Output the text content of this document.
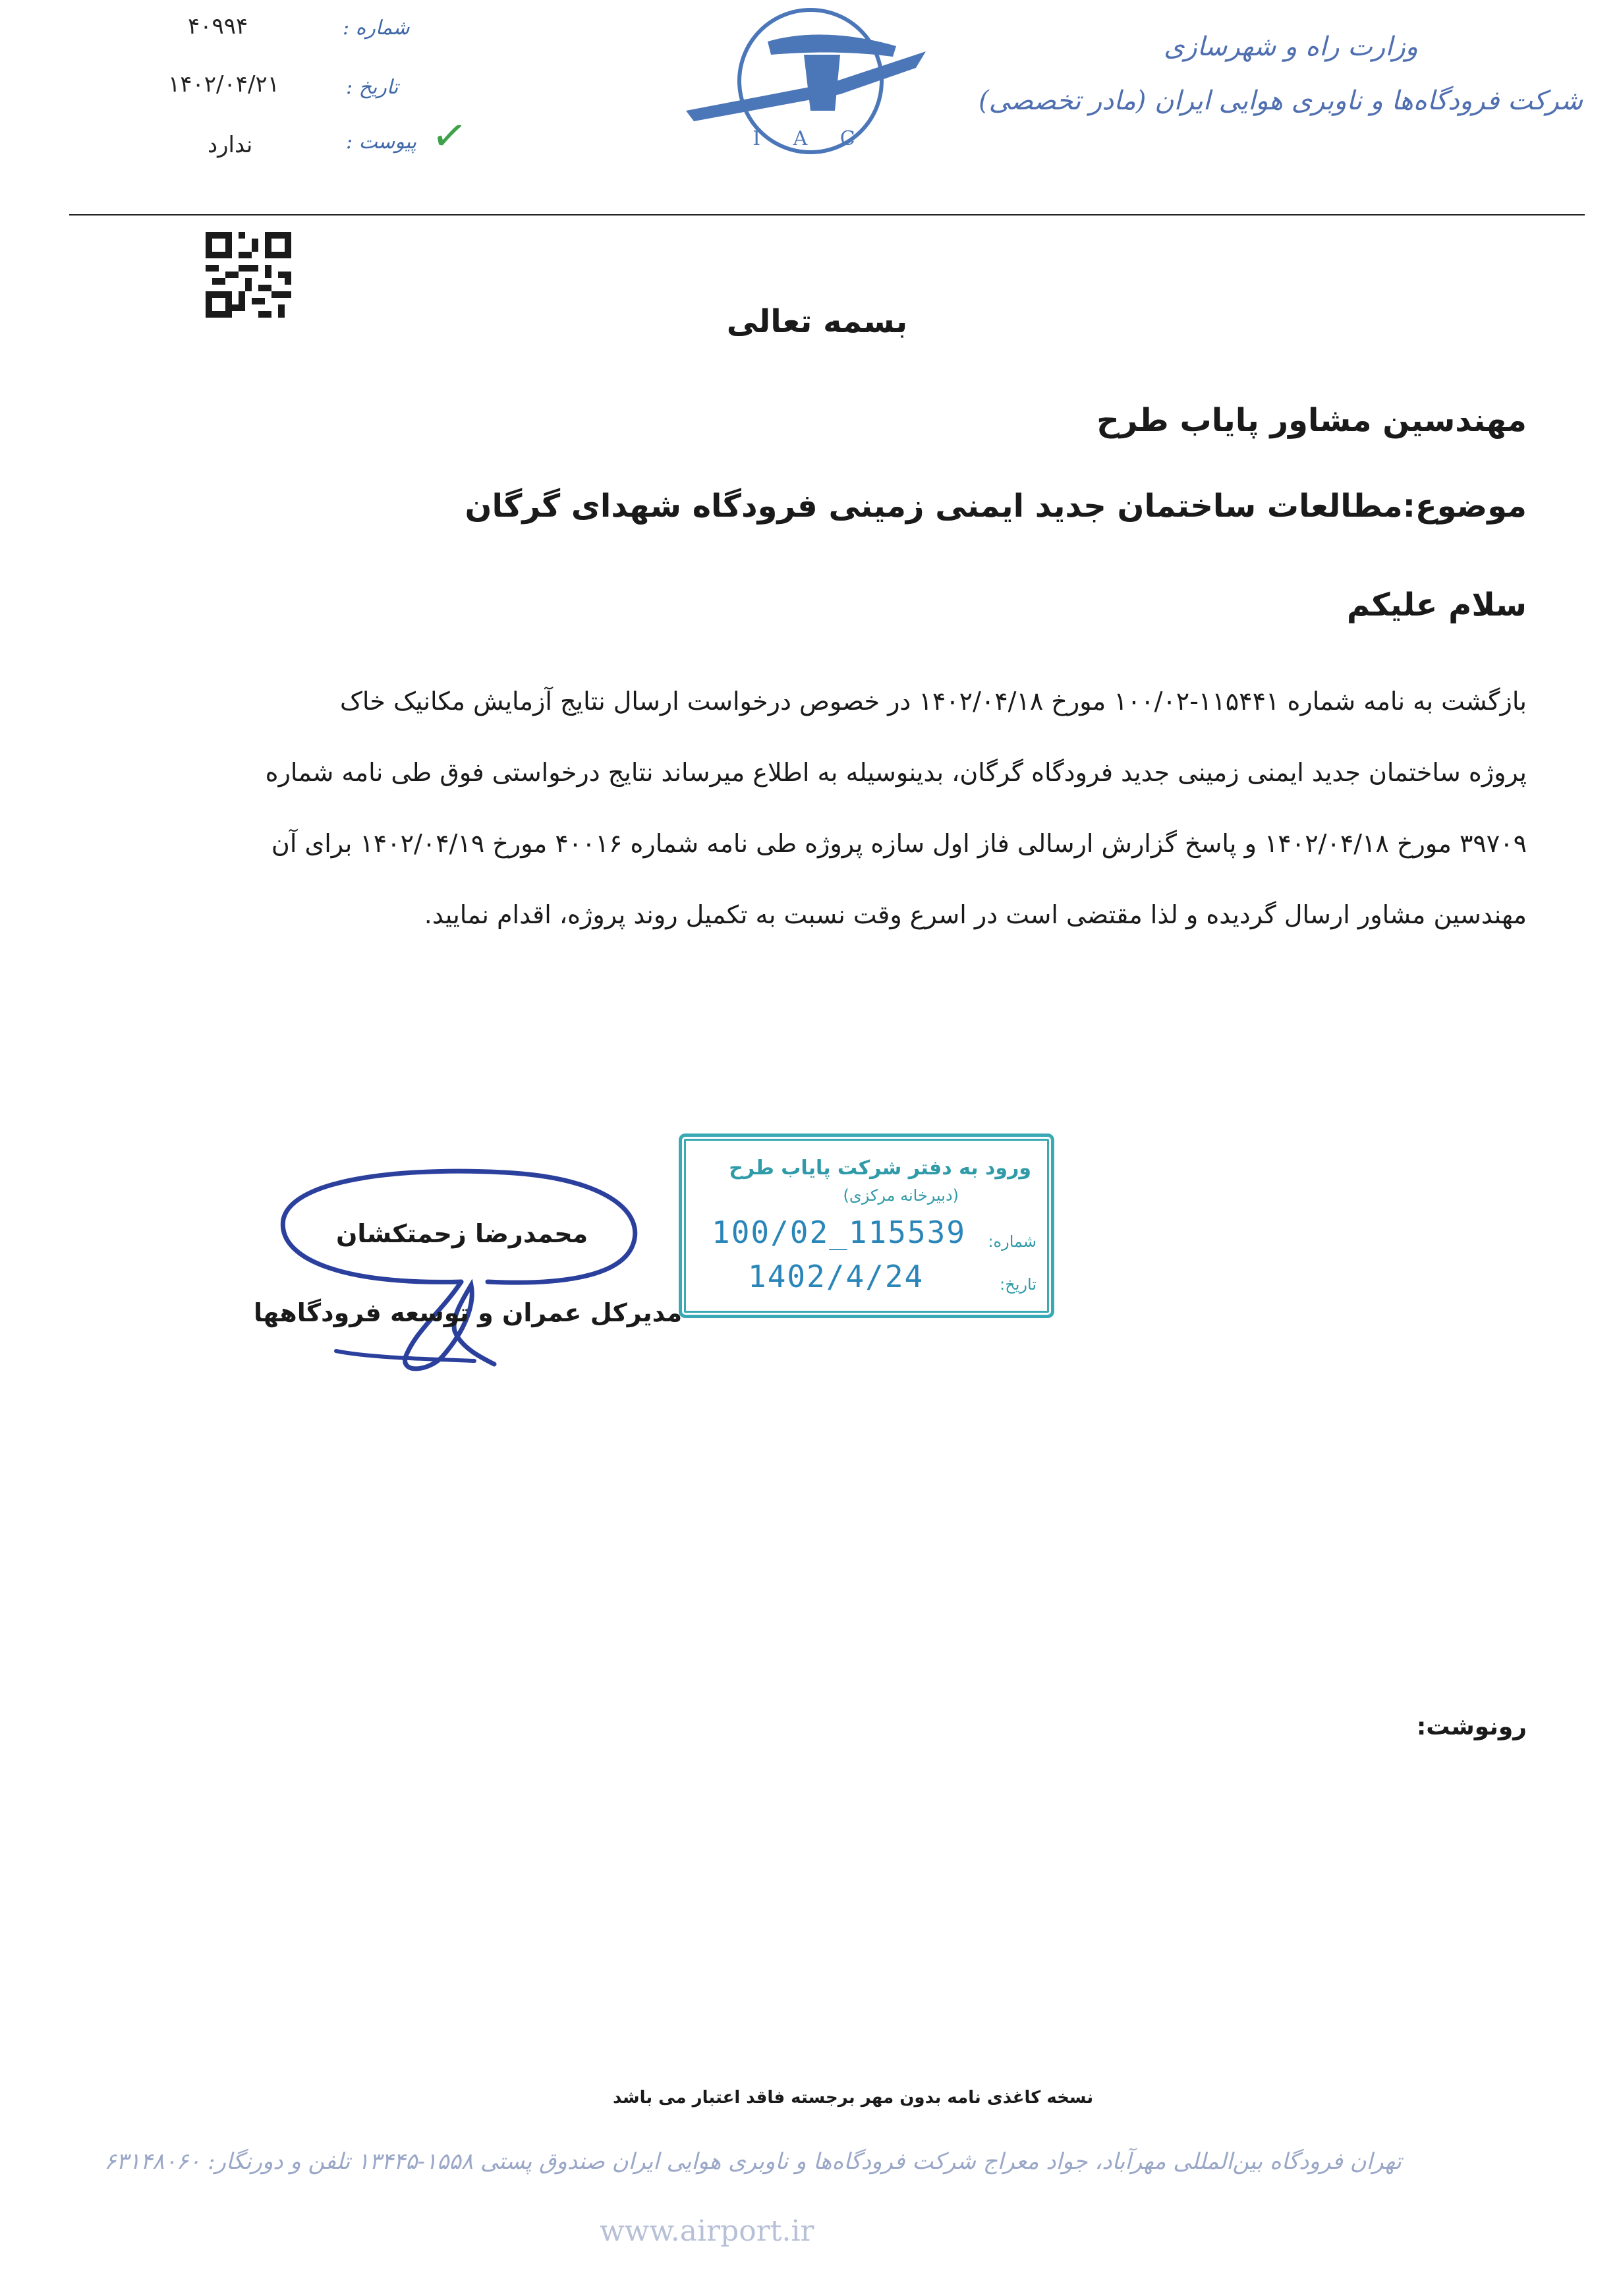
شماره :
۴۰۹۹۴
تاریخ :
۱۴۰۲/۰۴/۲۱
پیوست : ✓
ندارد	I A C
وزارت راه و شهرسازی
شرکت فرودگاه‌ها و ناوبری هوایی ایران (مادر تخصصی)
بسمه تعالی
مهندسین مشاور پایاب طرح
موضوع:مطالعات ساختمان جدید ایمنی زمینی فرودگاه شهدای گرگان
سلام علیکم
بازگشت به نامه شماره ۱۱۵۴۴۱-۱۰۰/۰۲ مورخ ۱۴۰۲/۰۴/۱۸ در خصوص درخواست ارسال نتایج آزمایش مکانیک خاک
پروژه ساختمان جدید ایمنی زمینی جدید فرودگاه گرگان، بدینوسیله به اطلاع میرساند نتایج درخواستی فوق طی نامه شماره
۳۹۷۰۹ مورخ ۱۴۰۲/۰۴/۱۸ و پاسخ گزارش ارسالی فاز اول سازه پروژه طی نامه شماره ۴۰۰۱۶ مورخ ۱۴۰۲/۰۴/۱۹ برای آن
مهندسین مشاور ارسال گردیده و لذا مقتضی است در اسرع وقت نسبت به تکمیل روند پروژه، اقدام نمایید.
ورود به دفتر شرکت پایاب طرح
(دبیرخانه مرکزی)
شماره:
100/02_115539
تاریخ:
1402/4/24
محمدرضا زحمتکشان
مدیرکل عمران و توسعه فرودگاهها
رونوشت:
نسخه کاغذی نامه بدون مهر برجسته فاقد اعتبار می باشد
تهران فرودگاه بین‌المللی مهرآباد، جواد معراج شرکت فرودگاه‌ها و ناوبری هوایی ایران صندوق پستی ۱۵۵۸-۱۳۴۴۵ تلفن و دورنگار: ۶۳۱۴۸۰۶۰
www.airport.ir
